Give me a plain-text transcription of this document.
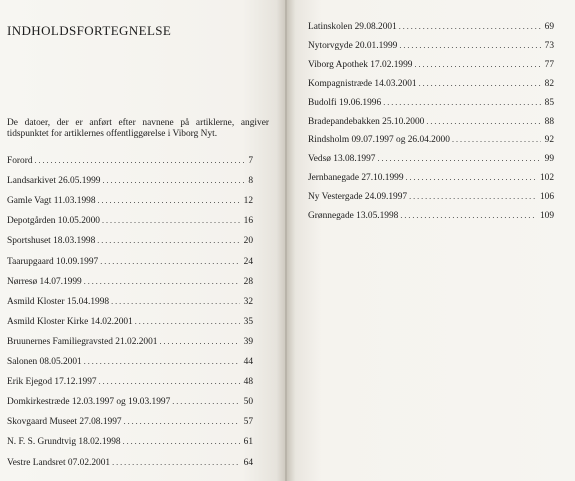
INDHOLDSFORTEGNELSE

De datoer, der er anført efter navnene på artiklerne, angiver tidspunktet for artiklernes offentliggørelse i Viborg Nyt.

Forord . . .	7
Landsarkivet 26.05.1999 . . .	8
Gamle Vagt 11.03.1998 . . .	12
Depotgården 10.05.2000 . . .	16
Sportshuset 18.03.1998 . . .	20
Taarupgaard 10.09.1997 . . .	24
Nørresø 14.07.1999 . . .	28
Asmild Kloster 15.04.1998 . . .	32
Asmild Kloster Kirke 14.02.2001 . . .	35
Bruunernes Familiegravsted 21.02.2001 . . .	39
Salonen 08.05.2001 . . .	44
Erik Ejegod 17.12.1997 . . .	48
Domkirkestræde 12.03.1997 og 19.03.1997 . . .	50
Skovgaard Museet 27.08.1997 . . .	57
N. F. S. Grundtvig 18.02.1998 . . .	61
Vestre Landsret 07.02.2001 . . .	64
Latinskolen 29.08.2001 . . .	69
Nytorvgyde 20.01.1999 . . .	73
Viborg Apothek 17.02.1999 . . .	77
Kompagnistræde 14.03.2001 . . .	82
Budolfi 19.06.1996 . . .	85
Bradepandebakken 25.10.2000 . . .	88
Rindsholm 09.07.1997 og 26.04.2000 . . .	92
Vedsø 13.08.1997 . . .	99
Jernbanegade 27.10.1999 . . .	102
Ny Vestergade 24.09.1997 . . .	106
Grønnegade 13.05.1998 . . .	109
